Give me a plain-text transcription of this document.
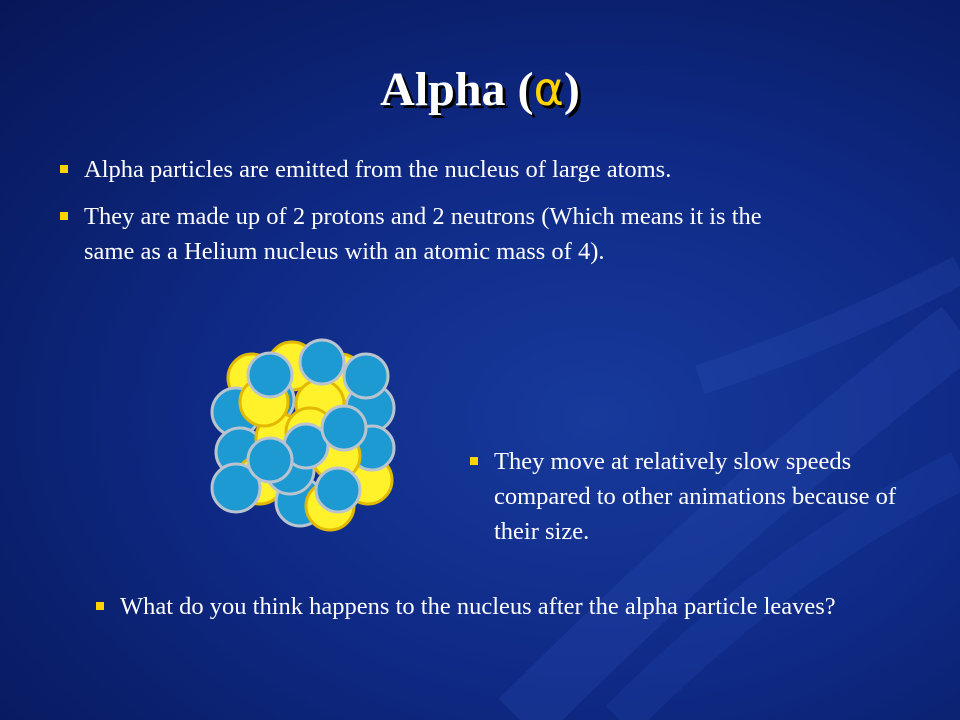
Alpha (α)
Alpha particles are emitted from the nucleus of large atoms.
They are made up of 2 protons and 2 neutrons (Which means it is the same as a Helium nucleus with an atomic mass of 4).
They move at relatively slow speeds compared to other animations because of their size.
What do you think happens to the nucleus after the alpha particle leaves?
